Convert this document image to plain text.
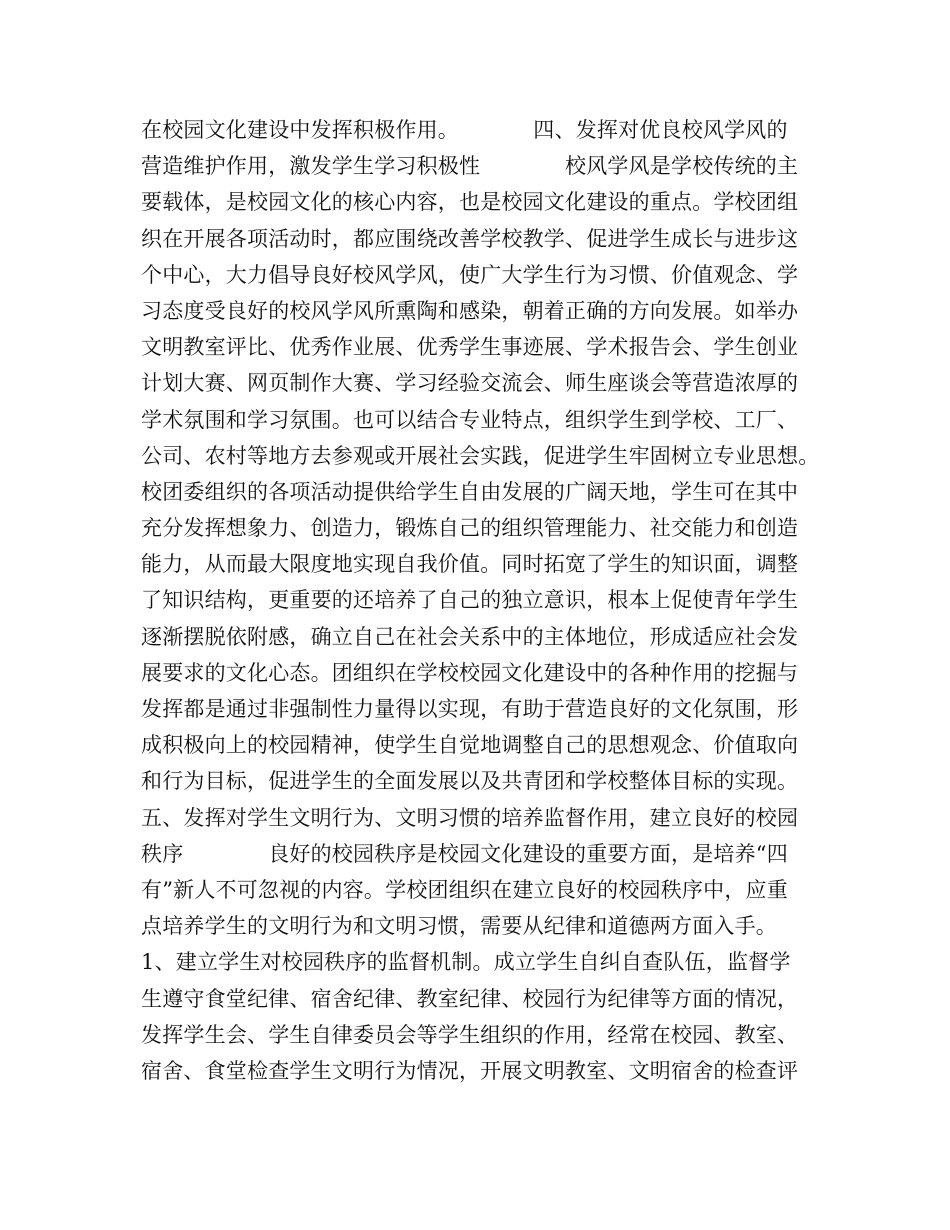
在校园文化建设中发挥积极作用。　　　　四、发挥对优良校风学风的
营造维护作用，激发学生学习积极性　　　　校风学风是学校传统的主
要载体，是校园文化的核心内容，也是校园文化建设的重点。学校团组
织在开展各项活动时，都应围绕改善学校教学、促进学生成长与进步这
个中心，大力倡导良好校风学风，使广大学生行为习惯、价值观念、学
习态度受良好的校风学风所熏陶和感染，朝着正确的方向发展。如举办
文明教室评比、优秀作业展、优秀学生事迹展、学术报告会、学生创业
计划大赛、网页制作大赛、学习经验交流会、师生座谈会等营造浓厚的
学术氛围和学习氛围。也可以结合专业特点，组织学生到学校、工厂、
公司、农村等地方去参观或开展社会实践，促进学生牢固树立专业思想。
校团委组织的各项活动提供给学生自由发展的广阔天地，学生可在其中
充分发挥想象力、创造力，锻炼自己的组织管理能力、社交能力和创造
能力，从而最大限度地实现自我价值。同时拓宽了学生的知识面，调整
了知识结构，更重要的还培养了自己的独立意识，根本上促使青年学生
逐渐摆脱依附感，确立自己在社会关系中的主体地位，形成适应社会发
展要求的文化心态。团组织在学校校园文化建设中的各种作用的挖掘与
发挥都是通过非强制性力量得以实现，有助于营造良好的文化氛围，形
成积极向上的校园精神，使学生自觉地调整自己的思想观念、价值取向
和行为目标，促进学生的全面发展以及共青团和学校整体目标的实现。
五、发挥对学生文明行为、文明习惯的培养监督作用，建立良好的校园
秩序　　　　良好的校园秩序是校园文化建设的重要方面，是培养“四
有”新人不可忽视的内容。学校团组织在建立良好的校园秩序中，应重
点培养学生的文明行为和文明习惯，需要从纪律和道德两方面入手。
1、建立学生对校园秩序的监督机制。成立学生自纠自查队伍，监督学
生遵守食堂纪律、宿舍纪律、教室纪律、校园行为纪律等方面的情况，
发挥学生会、学生自律委员会等学生组织的作用，经常在校园、教室、
宿舍、食堂检查学生文明行为情况，开展文明教室、文明宿舍的检查评
